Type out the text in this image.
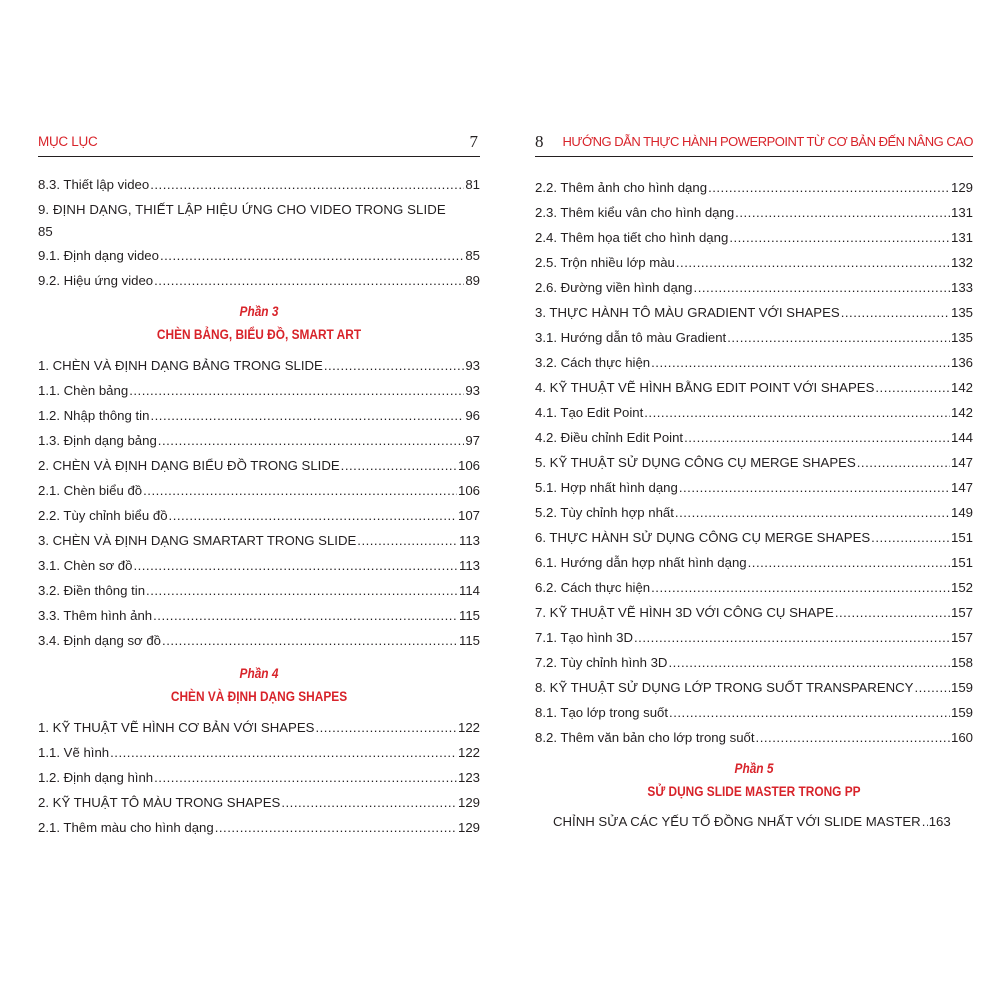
MỤC LỤC	7
8.3. Thiết lập video .....	81
9. ĐỊNH DẠNG, THIẾT LẬP HIỆU ỨNG CHO VIDEO TRONG SLIDE
85
9.1. Định dạng video .....	85
9.2. Hiệu ứng video .....	89
Phần 3
CHÈN BẢNG, BIỂU ĐỒ, SMART ART
1. CHÈN VÀ ĐỊNH DẠNG BẢNG TRONG SLIDE .....	93
1.1. Chèn bảng .....	93
1.2. Nhập thông tin .....	96
1.3. Định dạng bảng .....	97
2. CHÈN VÀ ĐỊNH DẠNG BIỂU ĐỒ TRONG SLIDE .....	106
2.1. Chèn biểu đồ .....	106
2.2. Tùy chỉnh biểu đồ .....	107
3. CHÈN VÀ ĐỊNH DẠNG SMARTART TRONG SLIDE .....	113
3.1. Chèn sơ đồ .....	113
3.2. Điền thông tin .....	114
3.3. Thêm hình ảnh .....	115
3.4. Định dạng sơ đồ .....	115
Phần 4
CHÈN VÀ ĐỊNH DẠNG SHAPES
1. KỸ THUẬT VẼ HÌNH CƠ BẢN VỚI SHAPES .....	122
1.1. Vẽ hình .....	122
1.2. Định dạng hình .....	123
2. KỸ THUẬT TÔ MÀU TRONG SHAPES .....	129
2.1. Thêm màu cho hình dạng .....	129
8 HƯỚNG DẪN THỰC HÀNH POWERPOINT TỪ CƠ BẢN ĐẾN NÂNG CAO
2.2. Thêm ảnh cho hình dạng .....	129
2.3. Thêm kiểu vân cho hình dạng .....	131
2.4. Thêm họa tiết cho hình dạng .....	131
2.5. Trộn nhiều lớp màu .....	132
2.6. Đường viền hình dạng .....	133
3. THỰC HÀNH TÔ MÀU GRADIENT VỚI SHAPES .....	135
3.1. Hướng dẫn tô màu Gradient .....	135
3.2. Cách thực hiện .....	136
4. KỸ THUẬT VẼ HÌNH BẰNG EDIT POINT VỚI SHAPES .....	142
4.1. Tạo Edit Point .....	142
4.2. Điều chỉnh Edit Point .....	144
5. KỸ THUẬT SỬ DỤNG CÔNG CỤ MERGE SHAPES .....	147
5.1. Hợp nhất hình dạng .....	147
5.2. Tùy chỉnh hợp nhất .....	149
6. THỰC HÀNH SỬ DỤNG CÔNG CỤ MERGE SHAPES .....	151
6.1. Hướng dẫn hợp nhất hình dạng .....	151
6.2. Cách thực hiện .....	152
7. KỸ THUẬT VẼ HÌNH 3D VỚI CÔNG CỤ SHAPE .....	157
7.1. Tạo hình 3D .....	157
7.2. Tùy chỉnh hình 3D .....	158
8. KỸ THUẬT SỬ DỤNG LỚP TRONG SUỐT TRANSPARENCY .....	159
8.1. Tạo lớp trong suốt .....	159
8.2. Thêm văn bản cho lớp trong suốt .....	160
Phần 5
SỬ DỤNG SLIDE MASTER TRONG PP
CHỈNH SỬA CÁC YẾU TỐ ĐỒNG NHẤT VỚI SLIDE MASTER ..... 163
